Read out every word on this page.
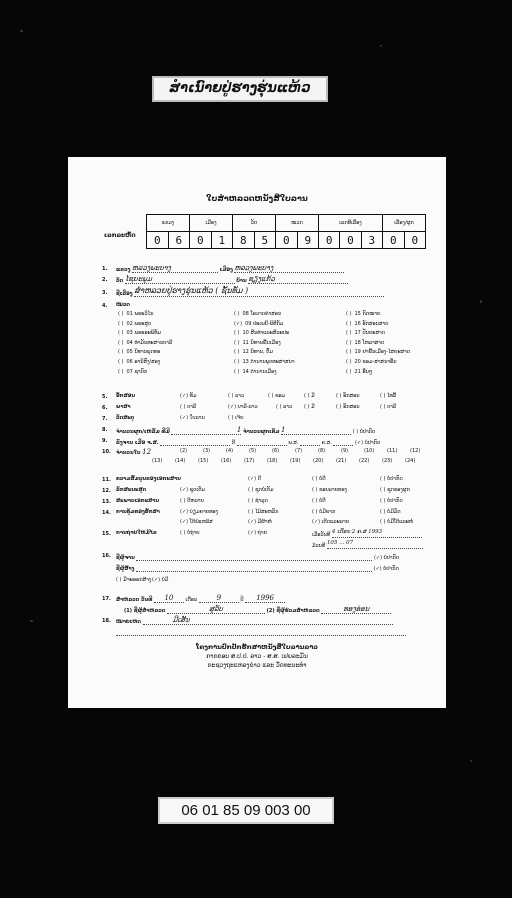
ສຳເນົາຍປູ່ຮາງຮຸ່ນແຫ້ວ
ໃບສຳຫລວດຫນັງສືໃບລານ
ເລກລະຫັດ
ແຂວງ		ເມືອງ		ວັດ		ໝວດ		ເລກທີເລື່ອງ			ເລື່ອງ/ຜູກ	
0	6	0	1	8	5	0	9	0	0	3	0	0
1. ແຂວງ ຫລວງພະບາງ	ເມືອງ ຫລວງພະບາງ
2. ວັດ ໄຊຍະພູມ	ບ້ານ ຊຽງແກ້ວ
3. ຊື່ເລື່ອງ ສຳຫລວຍປູ່ຮາງຮຸ່ນແຫ້ວ ( ຊັ້ນທັມ )
4. ໝວດ
( ) 01 ພຣະວິໄນ
( ) 02 ພຣະສູດ
( ) 03 ພຣະອະພິທັມ
( ) 04 ທຳມັນທະສານບາລີ
( ) 05 ນິທານພຸດທະ
( ) 06 ອານິສົງ/ສອງ
( ) 07 ຊາດົກ
( ) 08 ໂອວາດຄຳສອນ
(✓) 09 ປະເພນີ-ພິທີກັມ
( ) 10 ສີນທຳແລະສິລະປະ
( ) 11 ນິທານພື້ນເມືອງ
( ) 12 ນິທານ, ຕົ້ມ
( ) 13 ຕຳນານພຸດທະສາສນາ
( ) 14 ຕຳນານເມືອງ
( ) 15 ກົດໝາຍ
( ) 16 ອັກສອນສາດ
( ) 17 ປັນຍະສາດ
( ) 18 ໂຫລາສາດ
( ) 19 ຢາພື້ນເມືອງ-ໄສຍະສາດ
( ) 20 ຂອມ-ສາສນາອື່ນ
( ) 21 ອື່ນໆ
5. ອັກສອນ	(✓) ທັມ	( ) ລາວ	( ) ຂອມ	( ) ມີ	( ) ອັກສອນ	( ) ໄທລື້
6. ພາສາ	( ) ບາລີ	(✓) ບາລີ-ລາວ	( ) ລາວ ( ) ມີ	( ) ອັກສອນ	( ) ບາລີ
7. ວັດສະດຸ	(✓) ໃບລານ	( ) ເຈ້ຍ
8. ຈຳນວນຜູກ/ເຫລັ້ມ ທີ່ມີ	1 ຈຳນວນຜູກເຕັມ 1	( ) ບໍ່ປາກົດ
9. ລົງຈານ ເມື່ອ ຈ.ສ.	ກີ	ພ.ສ.	ຄ.ສ.	(✓) ບໍ່ປາກົດ
10. ຈຳນວນໃບ 12	(2)	(3)	(4)	(5)	(6)	(7)	(8)	(9)	(10)	(11)	(12)
(13)	(14)	(15)	(16)	(17)	(18)	(19)	(20)	(21)	(22)	(23)	(24)
11. ຄວາມສົມບູນຂອງເອກະສານ	(✓) ດີ	( ) ບໍ່ດີ	( ) ບໍ່ປາກົດ
12. ລັກສະນະສຸດ	(✓) ຊຸດເຕັມ	( ) ຊຸດບໍ່ເຕັມ	( ) ຂອບລາຍທອງ	( ) ຊຸດຂອງຜູກ
13. ສະພາບເອກະສານ	( ) ດີຫລາຍ	( ) ຊຳລຸດ	( ) ບໍ່ດີ	( ) ບໍ່ປາກົດ
14. ການຄຸ້ມຄອງຮັກສາ	(✓) ບ່ຽມຄາຍທອງ	( ) ໄມ້ສະຫລັກ	( ) ບໍ່ມີຂາກ	( ) ບໍ່ມີມັດ
(✓) ໂຕ້ພໍ່ແຫລ້ສ	(✓) ມີຜ້າຫໍ່	(✓) ເຕີດແລະລາຍ	( ) ບໍ່ມີໂຕ້ແລະຫໍ່
15. ການຖ່າຍໃຫມ້ໄຂ	( ) ບໍ່ຖ່າຍ	(✓) ຖ່າຍ	ເມື່ອວັນທີ 4 ເດືອນ 2 ຄ.ສ 1993
ມ້ວນທີ 105 ... 07
16. ຊື່ຜູ້ຈານ	(✓) ບໍ່ປາກົດ
ຊື່ຜູ້ສ້າງ	(✓) ບໍ່ປາກົດ
( ) ມີຈະອອກສ້າງ (✓) ບໍ່ມີ
17. ສຳຫລວດ ວັນທີ 10 ເດືອນ	9	ປີ 1996
(1) ຊື່ຜູ້ສຳຫລວດ	ສຸລັບ	(2) ຊື່ຜູ້ຮ່ວມສຳຫລວດ	ທອງອ່ອນ
18. ໝາຍເຫດ	ມີເສັ້ນ
ໂຄງການປົກປັກຮັກສາຫນັງສືໃບລານລາວ
ກາກຄອບ ສ.ປ.ປ. ລາວ - ສ.ສ. ເຢຍລະມັນ
ກະຊວງຖະແຫລງຂ່າວ ແລະ ວັດທະນະທຳ
06 01 85 09 003 00
